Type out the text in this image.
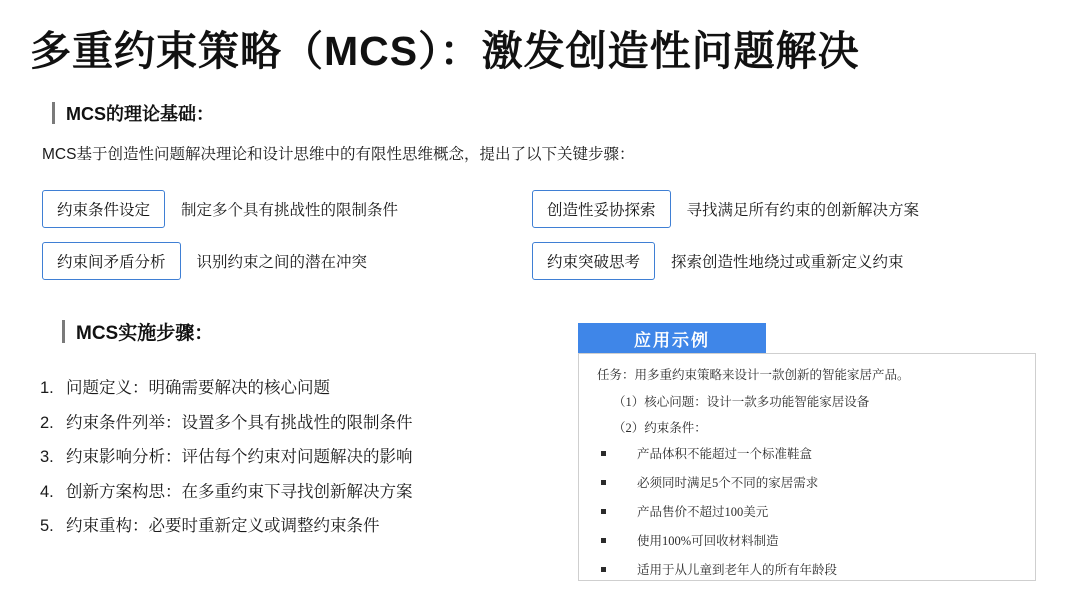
多重约束策略（MCS）：激发创造性问题解决
MCS的理论基础：
MCS基于创造性问题解决理论和设计思维中的有限性思维概念，提出了以下关键步骤：
约束条件设定	制定多个具有挑战性的限制条件	创造性妥协探索	寻找满足所有约束的创新解决方案
约束间矛盾分析	识别约束之间的潜在冲突	约束突破思考	探索创造性地绕过或重新定义约束
MCS实施步骤：
1. 问题定义：明确需要解决的核心问题
2. 约束条件列举：设置多个具有挑战性的限制条件
3. 约束影响分析：评估每个约束对问题解决的影响
4. 创新方案构思：在多重约束下寻找创新解决方案
5. 约束重构：必要时重新定义或调整约束条件
应用示例
任务：用多重约束策略来设计一款创新的智能家居产品。
（1）核心问题：设计一款多功能智能家居设备
（2）约束条件：
产品体积不能超过一个标准鞋盒
必须同时满足5个不同的家居需求
产品售价不超过100美元
使用100%可回收材料制造
适用于从儿童到老年人的所有年龄段
